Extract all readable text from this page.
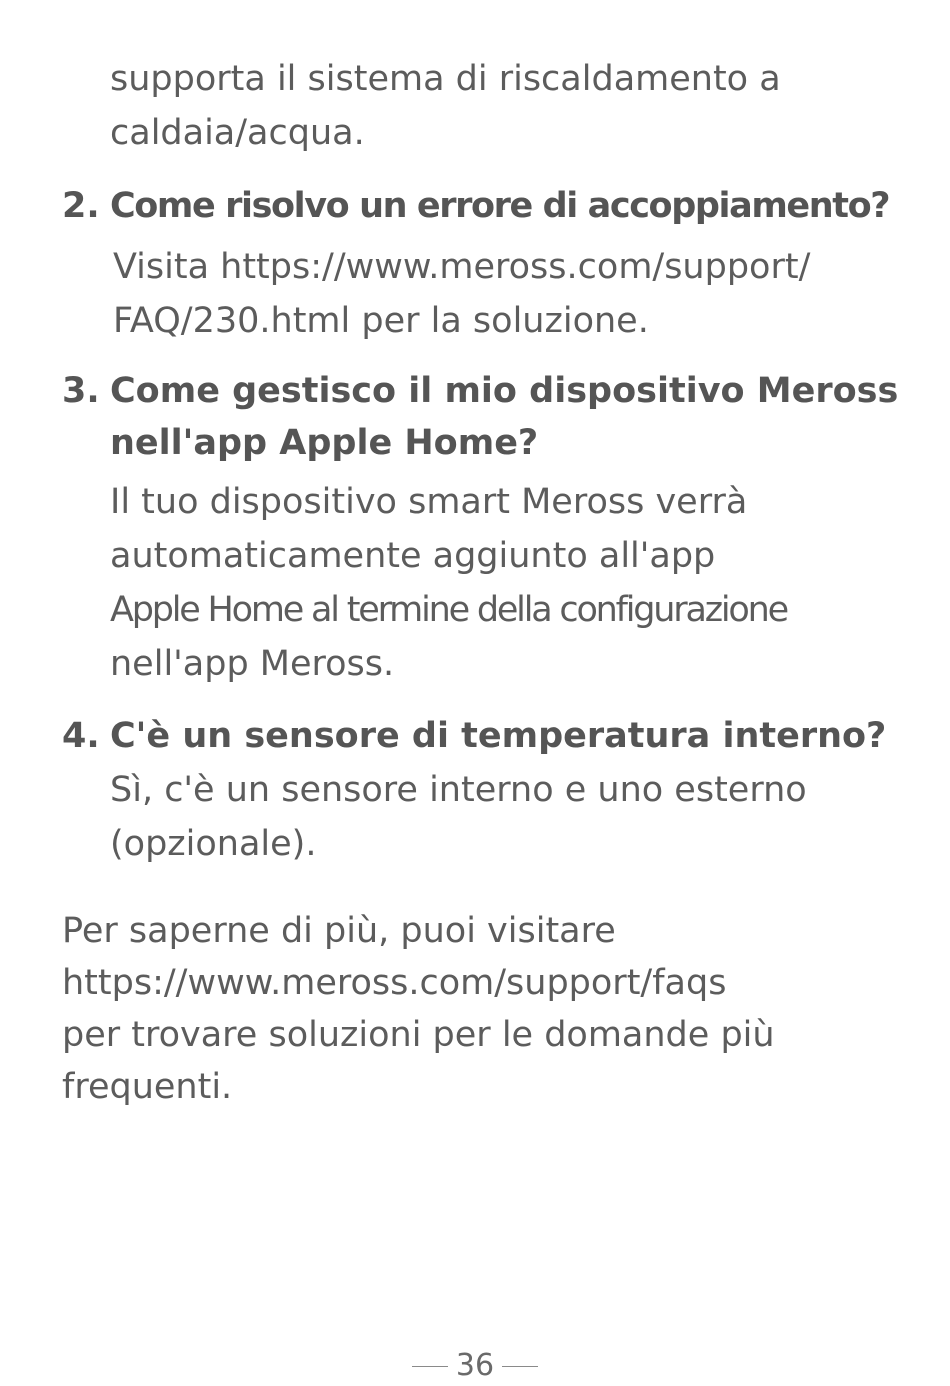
supporta il sistema di riscaldamento a
caldaia/acqua.

2. Come risolvo un errore di accoppiamento?

Visita https://www.meross.com/support/
FAQ/230.html per la soluzione.

3. Come gestisco il mio dispositivo Meross
nell'app Apple Home?

Il tuo dispositivo smart Meross verrà

automaticamente aggiunto all'app

Apple Home al termine della configurazione

nell'app Meross.

4. C'è un sensore di temperatura interno?

Sì, c'è un sensore interno e uno esterno
(opzionale).

Per saperne di più, puoi visitare
https://www.meross.com/support/faqs
per trovare soluzioni per le domande più
frequenti.

36
